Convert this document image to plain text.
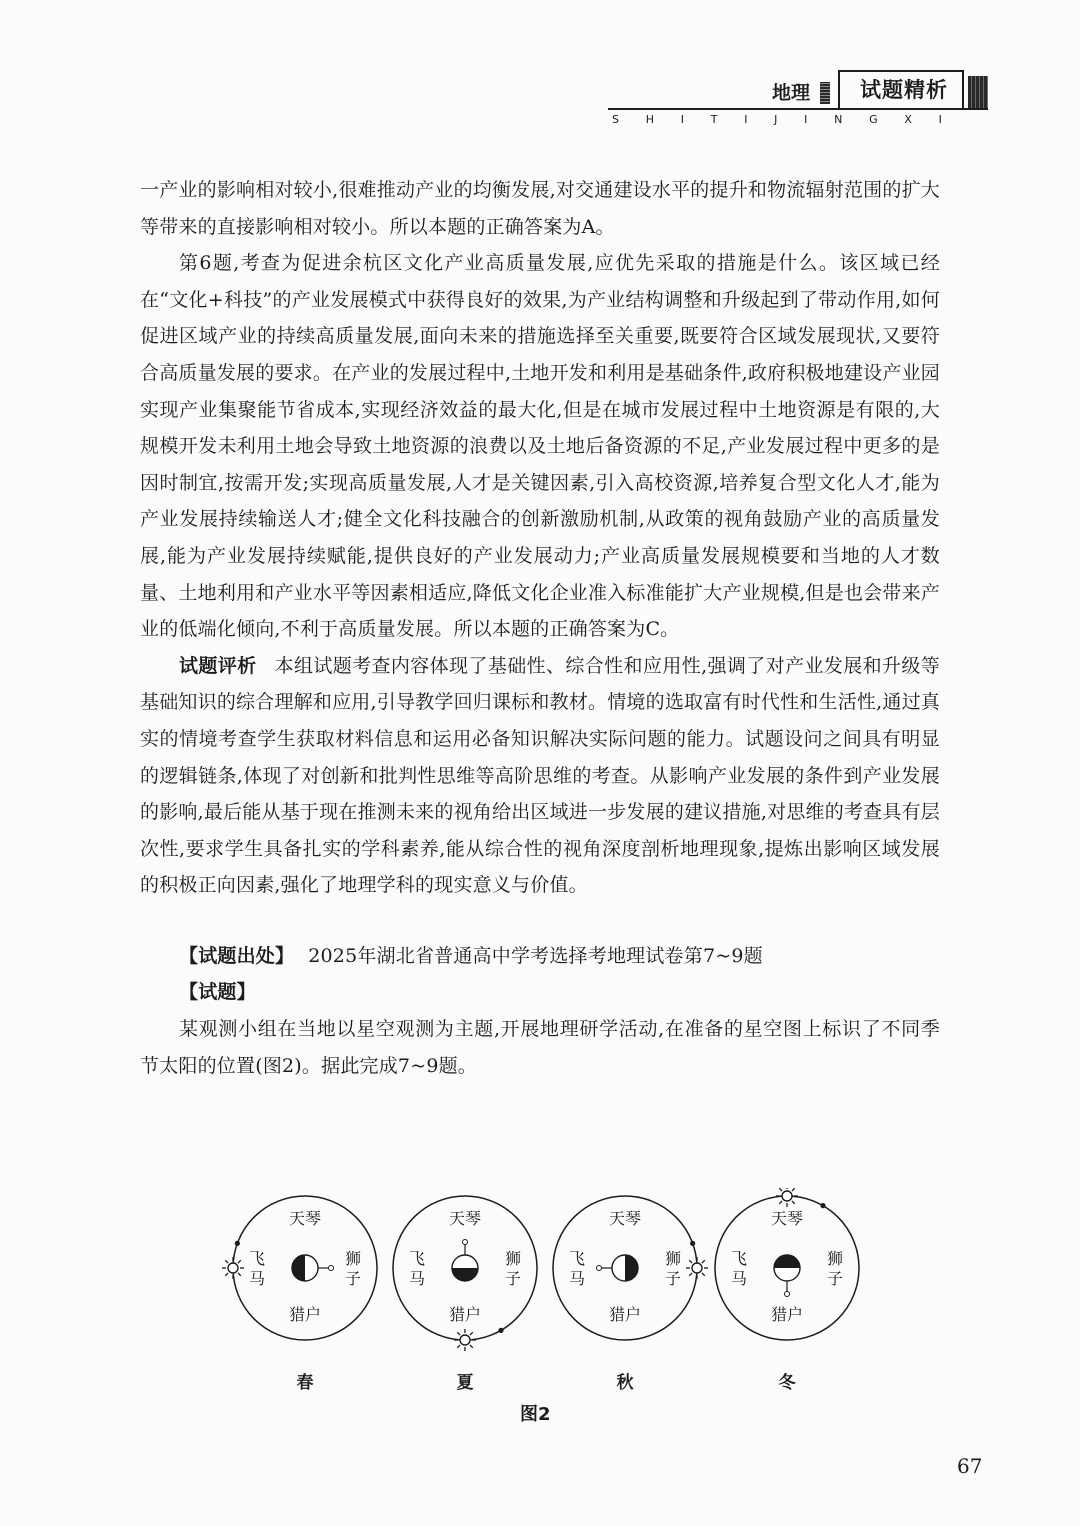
地理	试题精析
S H I T I J I N G X I

一产业的影响相对较小,很难推动产业的均衡发展,对交通建设水平的提升和物流辐射范围的扩大等带来的直接影响相对较小。所以本题的正确答案为A。

第6题,考查为促进余杭区文化产业高质量发展,应优先采取的措施是什么。该区域已经在“文化+科技”的产业发展模式中获得良好的效果,为产业结构调整和升级起到了带动作用,如何促进区域产业的持续高质量发展,面向未来的措施选择至关重要,既要符合区域发展现状,又要符合高质量发展的要求。在产业的发展过程中,土地开发和利用是基础条件,政府积极地建设产业园实现产业集聚能节省成本,实现经济效益的最大化,但是在城市发展过程中土地资源是有限的,大规模开发未利用土地会导致土地资源的浪费以及土地后备资源的不足,产业发展过程中更多的是因时制宜,按需开发;实现高质量发展,人才是关键因素,引入高校资源,培养复合型文化人才,能为产业发展持续输送人才;健全文化科技融合的创新激励机制,从政策的视角鼓励产业的高质量发展,能为产业发展持续赋能,提供良好的产业发展动力;产业高质量发展规模要和当地的人才数量、土地利用和产业水平等因素相适应,降低文化企业准入标准能扩大产业规模,但是也会带来产业的低端化倾向,不利于高质量发展。所以本题的正确答案为C。

试题评析 本组试题考查内容体现了基础性、综合性和应用性,强调了对产业发展和升级等基础知识的综合理解和应用,引导教学回归课标和教材。情境的选取富有时代性和生活性,通过真实的情境考查学生获取材料信息和运用必备知识解决实际问题的能力。试题设问之间具有明显的逻辑链条,体现了对创新和批判性思维等高阶思维的考查。从影响产业发展的条件到产业发展的影响,最后能从基于现在推测未来的视角给出区域进一步发展的建议措施,对思维的考查具有层次性,要求学生具备扎实的学科素养,能从综合性的视角深度剖析地理现象,提炼出影响区域发展的积极正向因素,强化了地理学科的现实意义与价值。

【试题出处】 2025年湖北省普通高中学考选择考地理试卷第7~9题

【试题】

某观测小组在当地以星空观测为主题,开展地理研学活动,在准备的星空图上标识了不同季节太阳的位置(图2)。据此完成7~9题。

天琴
飞
马
狮
子
猎户
天琴
飞
马
狮
子
猎户
天琴
飞
马
狮
子
猎户
天琴
飞
马
狮
子
猎户
春	夏	秋	冬
图2
67
